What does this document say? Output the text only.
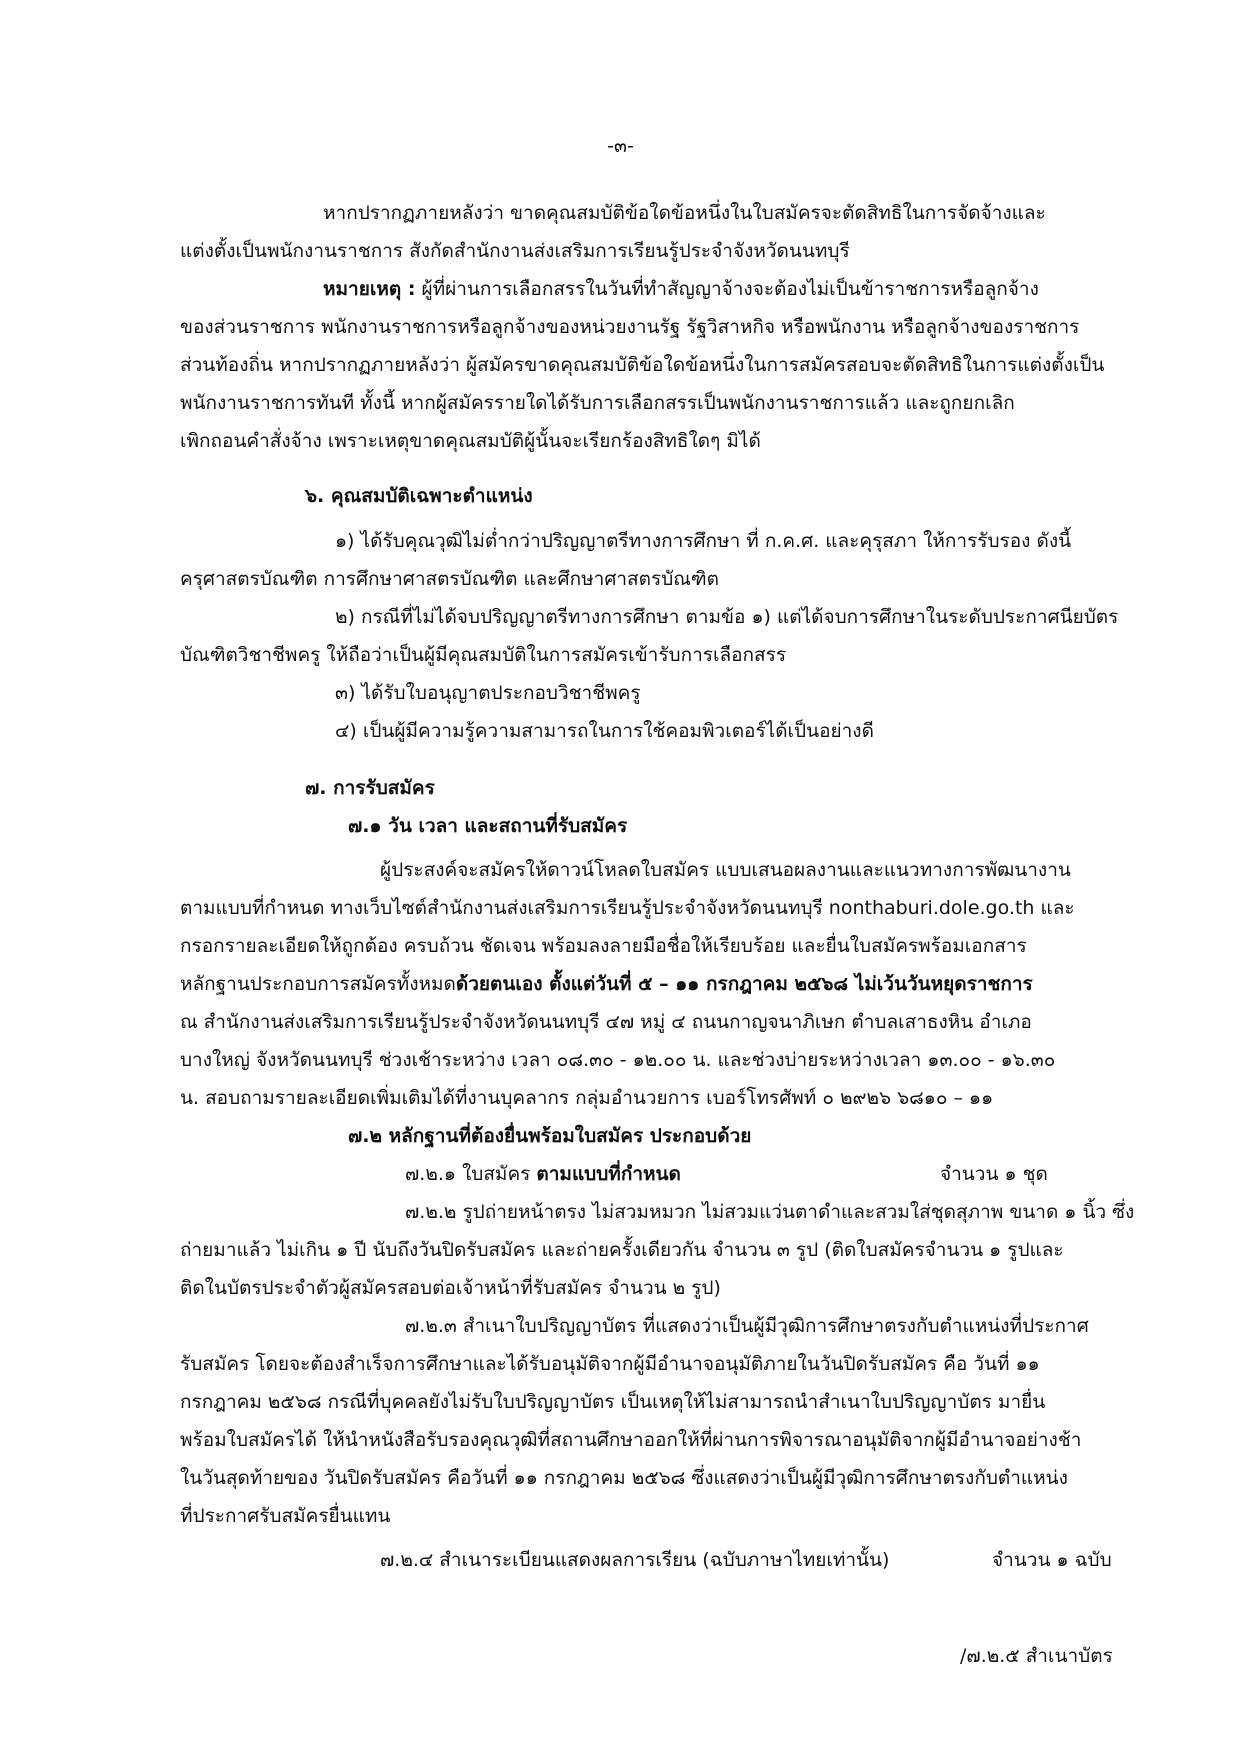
-๓-
หากปรากฏภายหลังว่า ขาดคุณสมบัติข้อใดข้อหนึ่งในใบสมัครจะตัดสิทธิในการจัดจ้างและ
แต่งตั้งเป็นพนักงานราชการ สังกัดสำนักงานส่งเสริมการเรียนรู้ประจำจังหวัดนนทบุรี
หมายเหตุ : ผู้ที่ผ่านการเลือกสรรในวันที่ทำสัญญาจ้างจะต้องไม่เป็นข้าราชการหรือลูกจ้าง
ของส่วนราชการ พนักงานราชการหรือลูกจ้างของหน่วยงานรัฐ รัฐวิสาหกิจ หรือพนักงาน หรือลูกจ้างของราชการ
ส่วนท้องถิ่น หากปรากฏภายหลังว่า ผู้สมัครขาดคุณสมบัติข้อใดข้อหนึ่งในการสมัครสอบจะตัดสิทธิในการแต่งตั้งเป็น
พนักงานราชการทันที ทั้งนี้ หากผู้สมัครรายใดได้รับการเลือกสรรเป็นพนักงานราชการแล้ว และถูกยกเลิก
เพิกถอนคำสั่งจ้าง เพราะเหตุขาดคุณสมบัติผู้นั้นจะเรียกร้องสิทธิใดๆ มิได้
๖. คุณสมบัติเฉพาะตำแหน่ง
๑) ได้รับคุณวุฒิไม่ต่ำกว่าปริญญาตรีทางการศึกษา ที่ ก.ค.ศ. และคุรุสภา ให้การรับรอง ดังนี้
ครุศาสตรบัณฑิต การศึกษาศาสตรบัณฑิต และศึกษาศาสตรบัณฑิต
๒) กรณีที่ไม่ได้จบปริญญาตรีทางการศึกษา ตามข้อ ๑) แต่ได้จบการศึกษาในระดับประกาศนียบัตร
บัณฑิตวิชาชีพครู ให้ถือว่าเป็นผู้มีคุณสมบัติในการสมัครเข้ารับการเลือกสรร
๓) ได้รับใบอนุญาตประกอบวิชาชีพครู
๔) เป็นผู้มีความรู้ความสามารถในการใช้คอมพิวเตอร์ได้เป็นอย่างดี
๗. การรับสมัคร
๗.๑ วัน เวลา และสถานที่รับสมัคร
ผู้ประสงค์จะสมัครให้ดาวน์โหลดใบสมัคร แบบเสนอผลงานและแนวทางการพัฒนางาน
ตามแบบที่กำหนด ทางเว็บไซต์สำนักงานส่งเสริมการเรียนรู้ประจำจังหวัดนนทบุรี nonthaburi.dole.go.th และ
กรอกรายละเอียดให้ถูกต้อง ครบถ้วน ชัดเจน พร้อมลงลายมือชื่อให้เรียบร้อย และยื่นใบสมัครพร้อมเอกสาร
หลักฐานประกอบการสมัครทั้งหมดด้วยตนเอง ตั้งแต่วันที่ ๕ – ๑๑ กรกฎาคม ๒๕๖๘ ไม่เว้นวันหยุดราชการ
ณ สำนักงานส่งเสริมการเรียนรู้ประจำจังหวัดนนทบุรี ๔๗ หมู่ ๔ ถนนกาญจนาภิเษก ตำบลเสาธงหิน อำเภอ
บางใหญ่ จังหวัดนนทบุรี ช่วงเช้าระหว่าง เวลา ๐๘.๓๐ - ๑๒.๐๐ น. และช่วงบ่ายระหว่างเวลา ๑๓.๐๐ - ๑๖.๓๐
น. สอบถามรายละเอียดเพิ่มเติมได้ที่งานบุคลากร กลุ่มอำนวยการ เบอร์โทรศัพท์ ๐ ๒๙๒๖ ๖๘๑๐ – ๑๑
๗.๒ หลักฐานที่ต้องยื่นพร้อมใบสมัคร ประกอบด้วย
๗.๒.๑ ใบสมัคร ตามแบบที่กำหนด	จำนวน ๑ ชุด
๗.๒.๒ รูปถ่ายหน้าตรง ไม่สวมหมวก ไม่สวมแว่นตาดำและสวมใส่ชุดสุภาพ ขนาด ๑ นิ้ว ซึ่ง
ถ่ายมาแล้ว ไม่เกิน ๑ ปี นับถึงวันปิดรับสมัคร และถ่ายครั้งเดียวกัน จำนวน ๓ รูป (ติดใบสมัครจำนวน ๑ รูปและ
ติดในบัตรประจำตัวผู้สมัครสอบต่อเจ้าหน้าที่รับสมัคร จำนวน ๒ รูป)
๗.๒.๓ สำเนาใบปริญญาบัตร ที่แสดงว่าเป็นผู้มีวุฒิการศึกษาตรงกับตำแหน่งที่ประกาศ
รับสมัคร โดยจะต้องสำเร็จการศึกษาและได้รับอนุมัติจากผู้มีอำนาจอนุมัติภายในวันปิดรับสมัคร คือ วันที่ ๑๑
กรกฎาคม ๒๕๖๘ กรณีที่บุคคลยังไม่รับใบปริญญาบัตร เป็นเหตุให้ไม่สามารถนำสำเนาใบปริญญาบัตร มายื่น
พร้อมใบสมัครได้ ให้นำหนังสือรับรองคุณวุฒิที่สถานศึกษาออกให้ที่ผ่านการพิจารณาอนุมัติจากผู้มีอำนาจอย่างช้า
ในวันสุดท้ายของ วันปิดรับสมัคร คือวันที่ ๑๑ กรกฎาคม ๒๕๖๘ ซึ่งแสดงว่าเป็นผู้มีวุฒิการศึกษาตรงกับตำแหน่ง
ที่ประกาศรับสมัครยื่นแทน
๗.๒.๔ สำเนาระเบียนแสดงผลการเรียน (ฉบับภาษาไทยเท่านั้น)	จำนวน ๑ ฉบับ
/๗.๒.๕ สำเนาบัตร
